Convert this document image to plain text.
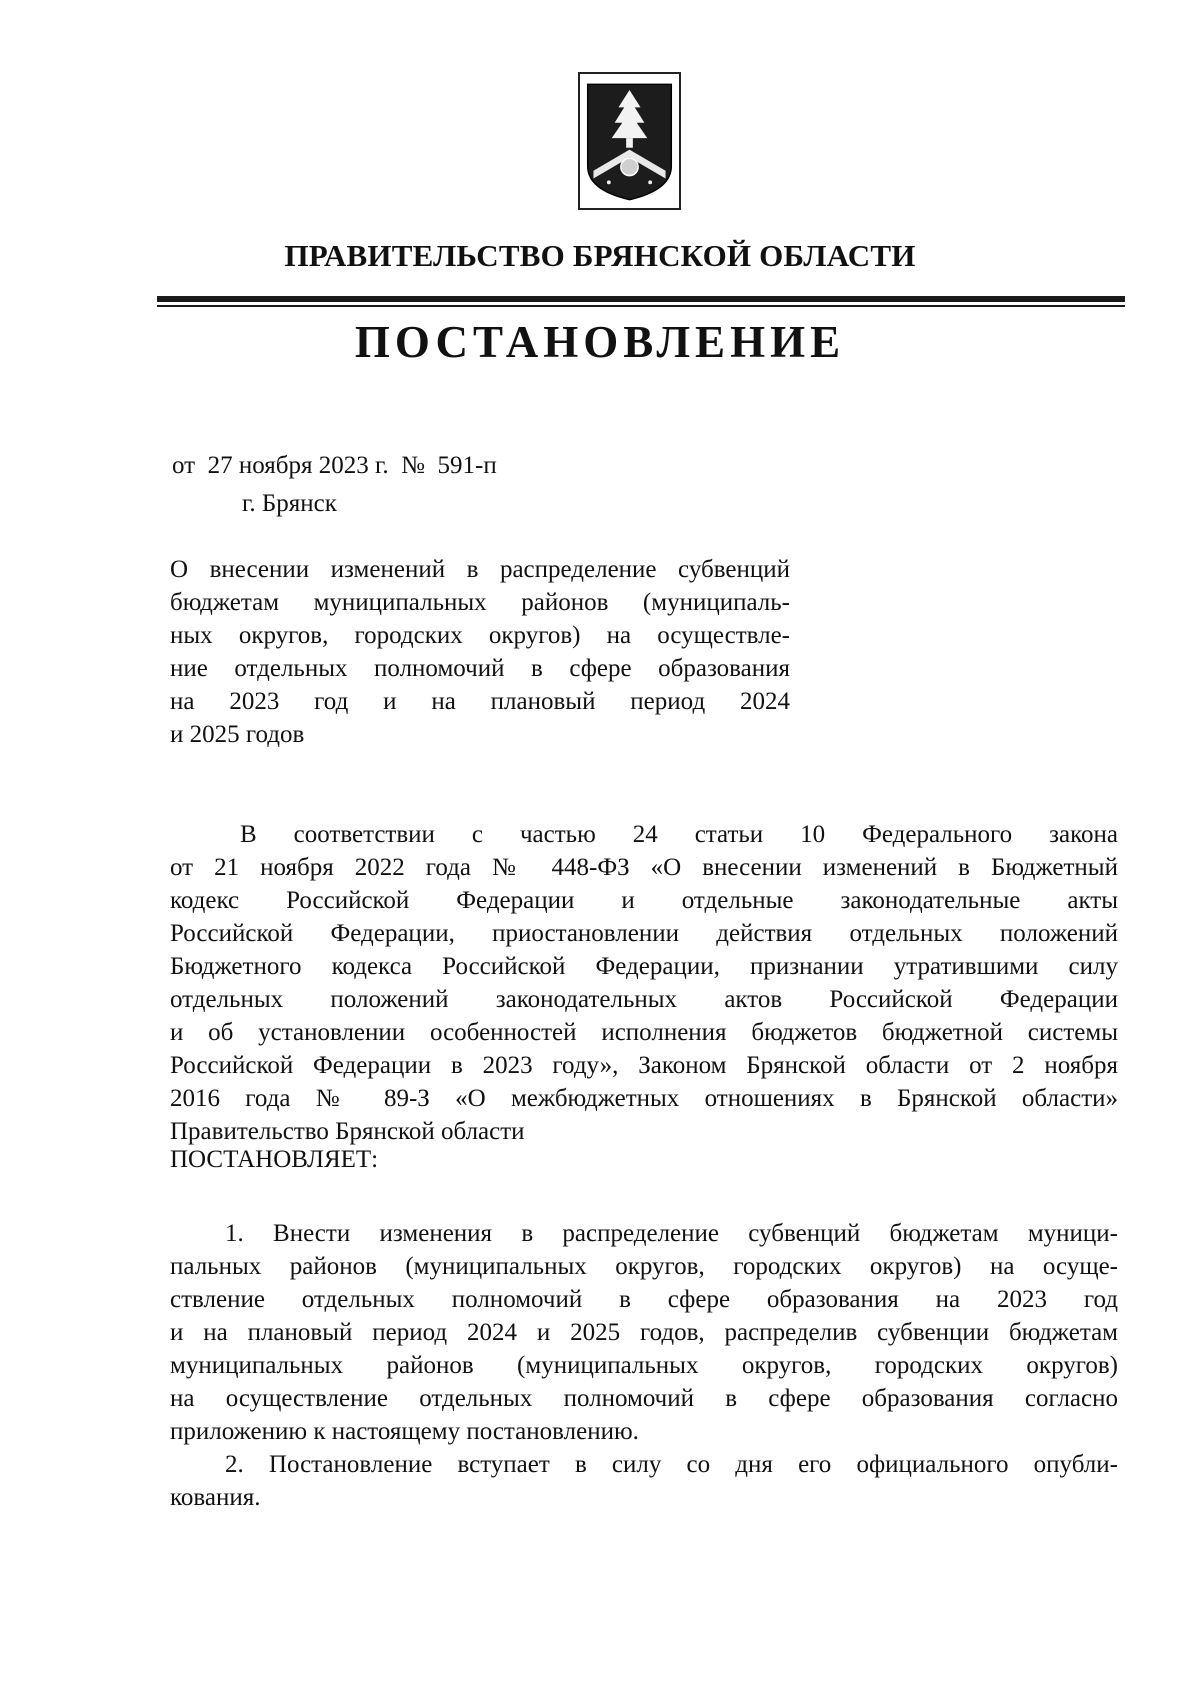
ПРАВИТЕЛЬСТВО БРЯНСКОЙ ОБЛАСТИ
ПОСТАНОВЛЕНИЕ
от 27 ноября 2023 г. № 591-п
г. Брянск
О внесении изменений в распределение субвенций
бюджетам муниципальных районов (муниципаль-
ных округов, городских округов) на осуществле-
ние отдельных полномочий в сфере образования
на 2023 год и на плановый период 2024
и 2025 годов
В соответствии с частью 24 статьи 10 Федерального закона
от 21 ноября 2022 года № 448-ФЗ «О внесении изменений в Бюджетный
кодекс Российской Федерации и отдельные законодательные акты
Российской Федерации, приостановлении действия отдельных положений
Бюджетного кодекса Российской Федерации, признании утратившими силу
отдельных положений законодательных актов Российской Федерации
и об установлении особенностей исполнения бюджетов бюджетной системы
Российской Федерации в 2023 году», Законом Брянской области от 2 ноября
2016 года № 89-З «О межбюджетных отношениях в Брянской области»
Правительство Брянской области
ПОСТАНОВЛЯЕТ:
1. Внести изменения в распределение субвенций бюджетам муници-
пальных районов (муниципальных округов, городских округов) на осуще-
ствление отдельных полномочий в сфере образования на 2023 год
и на плановый период 2024 и 2025 годов, распределив субвенции бюджетам
муниципальных районов (муниципальных округов, городских округов)
на осуществление отдельных полномочий в сфере образования согласно
приложению к настоящему постановлению.
2. Постановление вступает в силу со дня его официального опубли-
кования.
